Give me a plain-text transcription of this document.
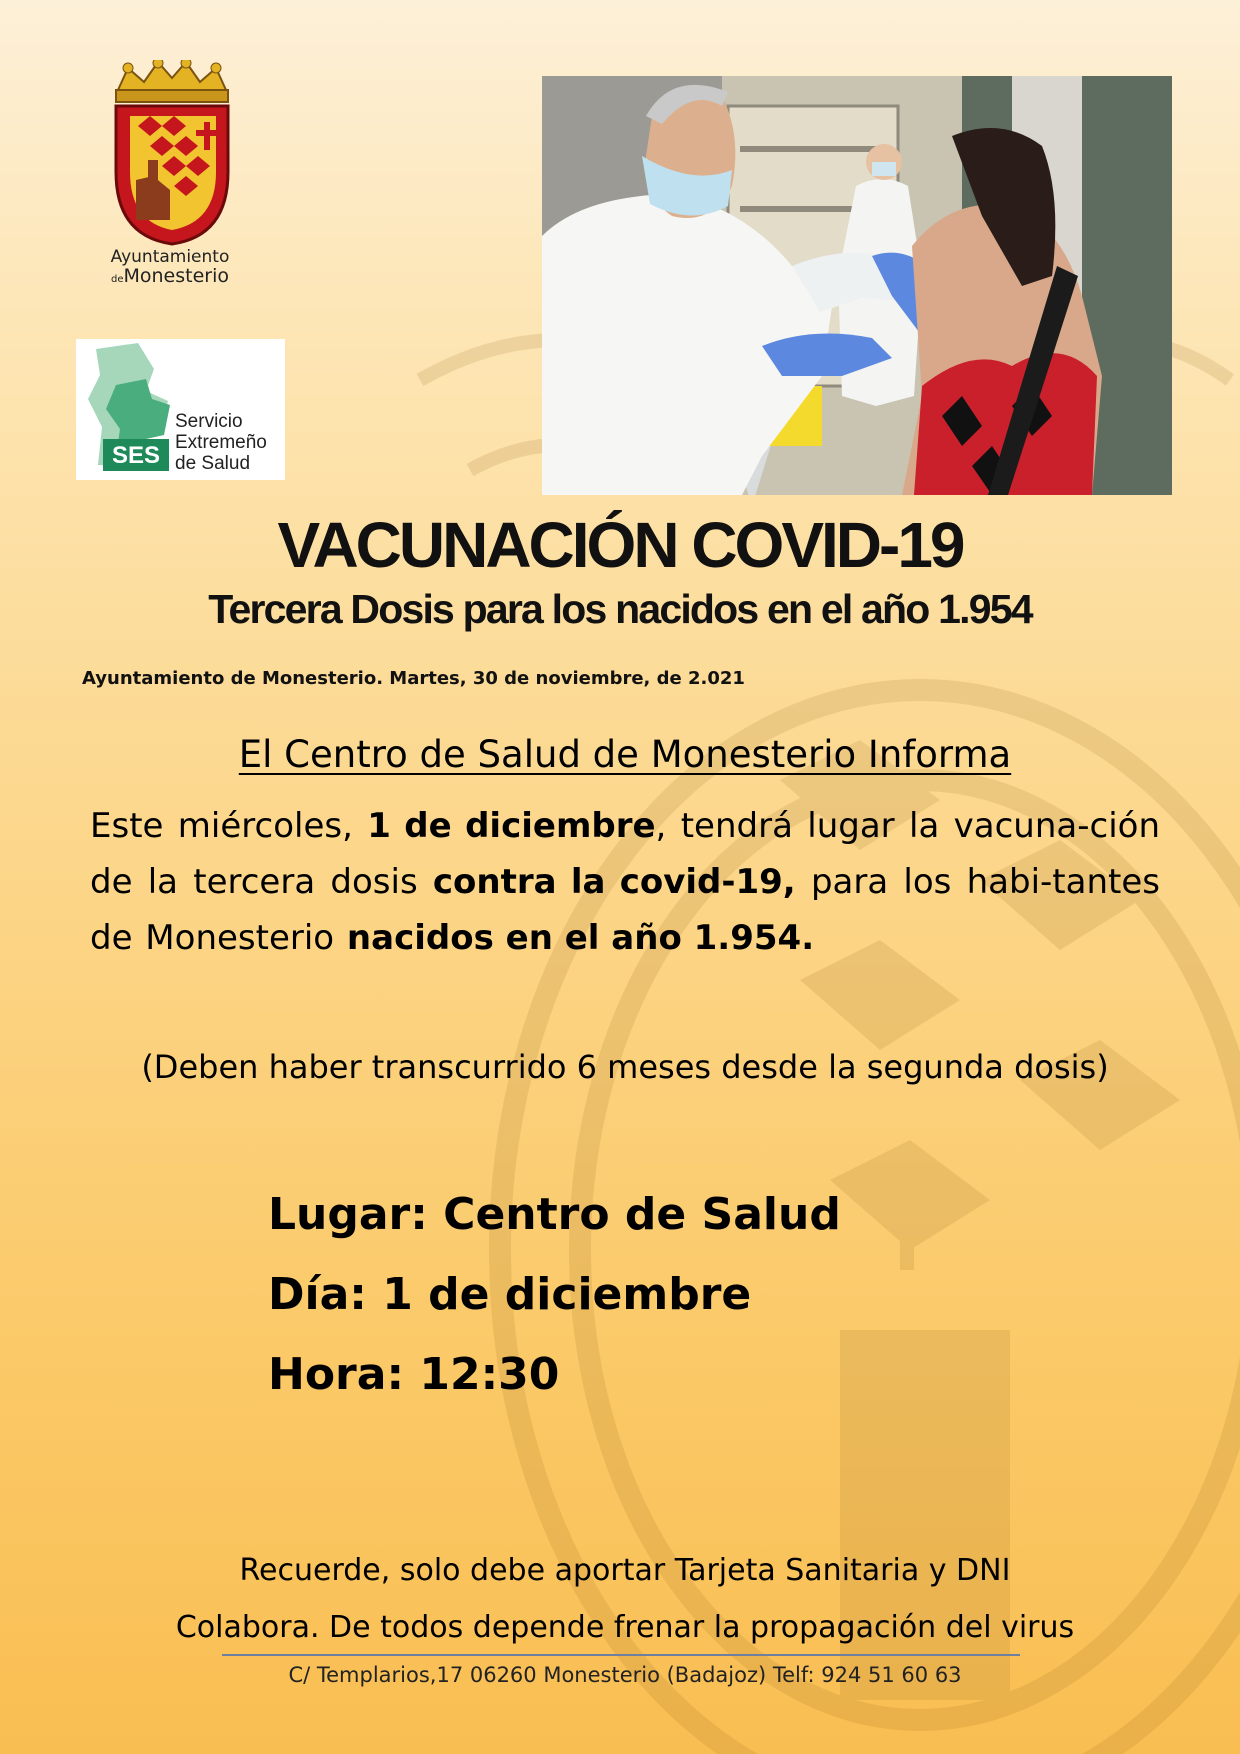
Ayuntamiento
deMonesterio
SES
Servicio
Extremeño
de Salud
VACUNACIÓN COVID-19
Tercera Dosis para los nacidos en el año 1.954
Ayuntamiento de Monesterio. Martes, 30 de noviembre, de 2.021
El Centro de Salud de Monesterio Informa
Este miércoles, 1 de diciembre, tendrá lugar la vacuna-ción de la tercera dosis contra la covid-19, para los habi-tantes de Monesterio nacidos en el año 1.954.
(Deben haber transcurrido 6 meses desde la segunda dosis)
Lugar: Centro de Salud
Día: 1 de diciembre
Hora: 12:30
Recuerde, solo debe aportar Tarjeta Sanitaria y DNI
Colabora. De todos depende frenar la propagación del virus
C/ Templarios,17 06260 Monesterio (Badajoz) Telf: 924 51 60 63
